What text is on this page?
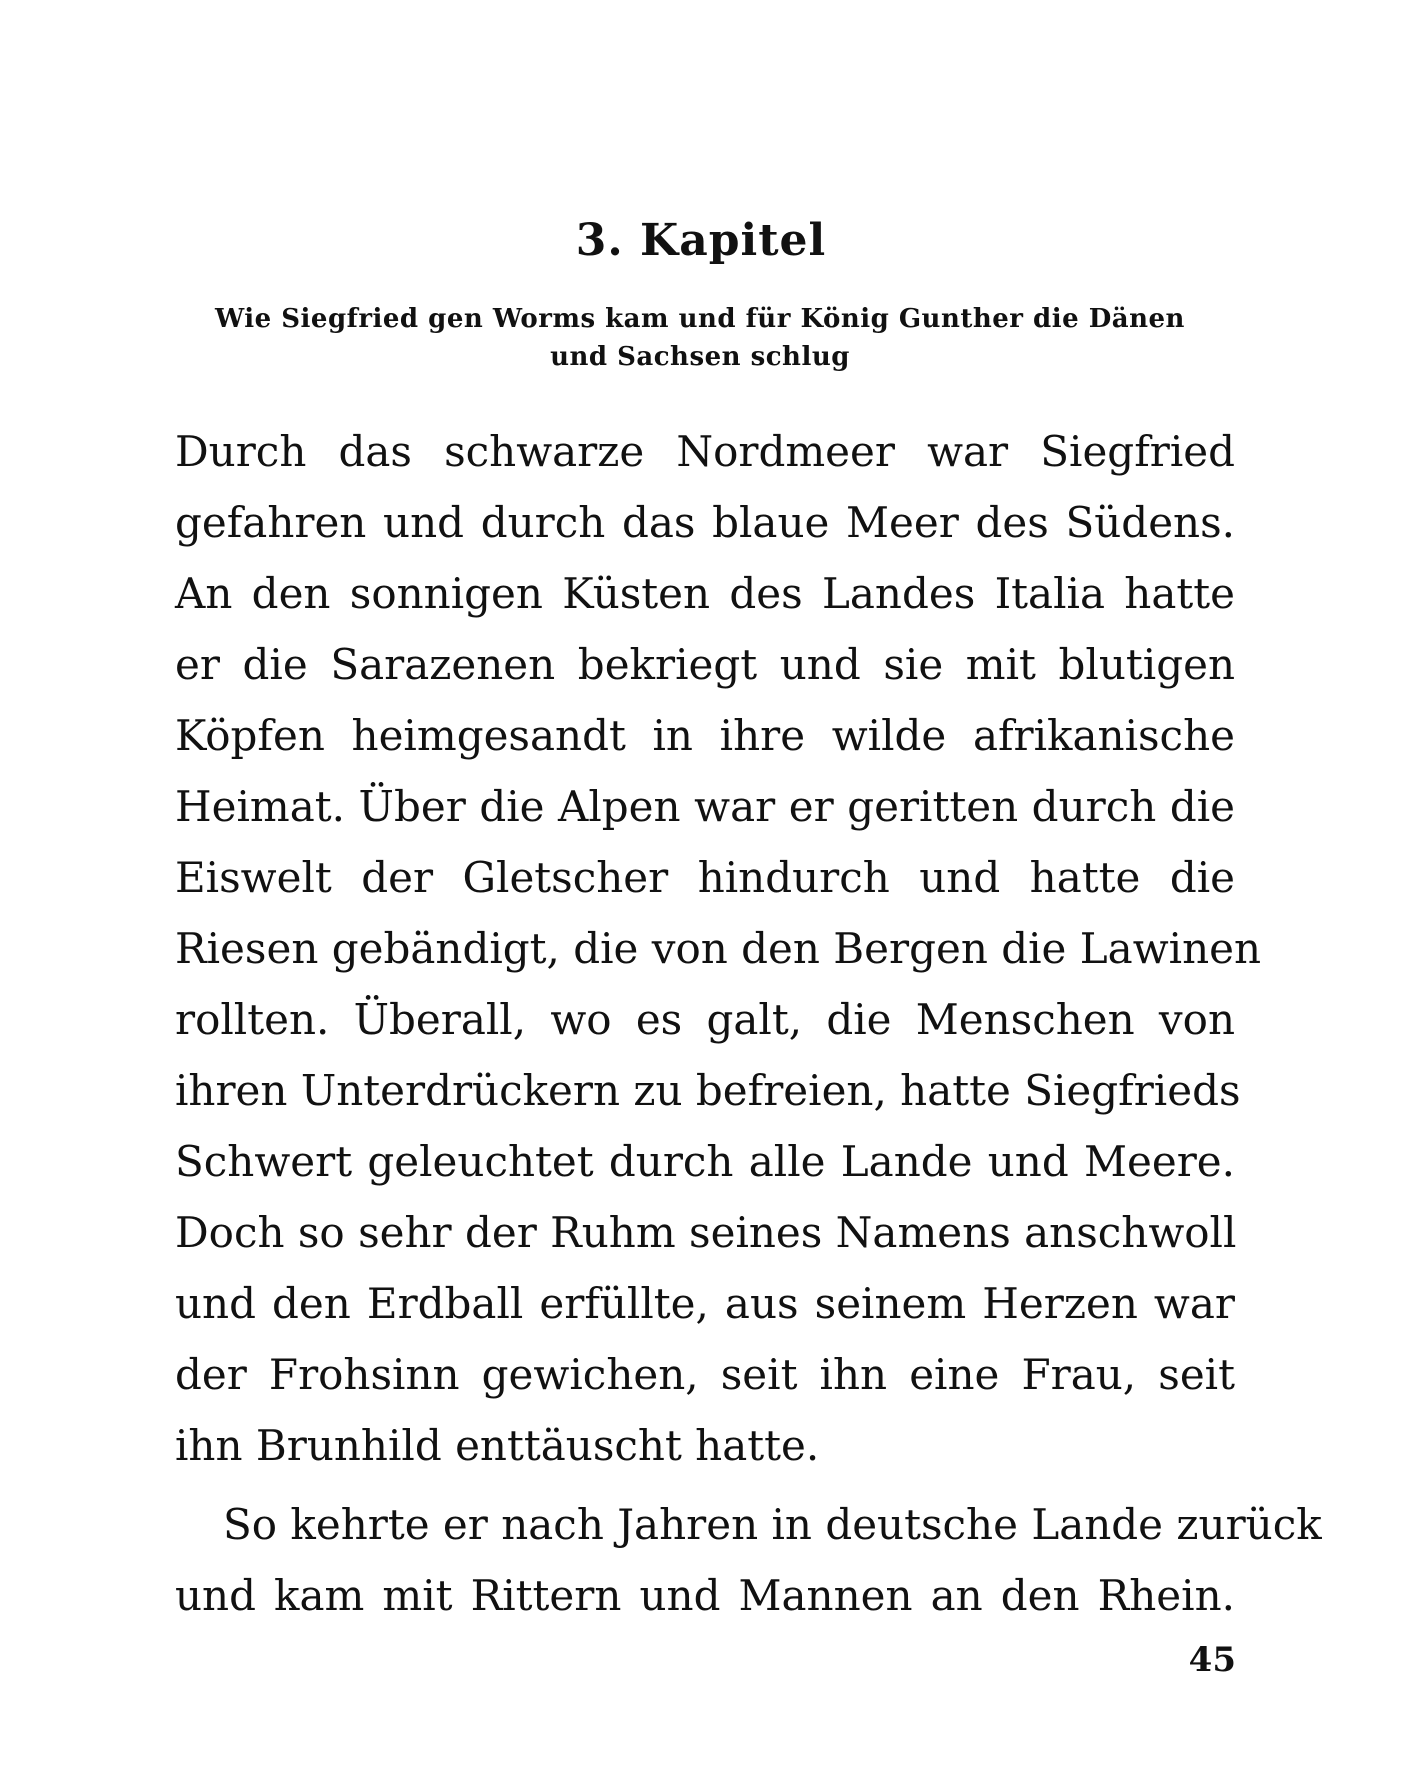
3. Kapitel
Wie Siegfried gen Worms kam und für König Gunther die Dänen
und Sachsen schlug
Durch das schwarze Nordmeer war Siegfried
gefahren und durch das blaue Meer des Südens.
An den sonnigen Küsten des Landes Italia hatte
er die Sarazenen bekriegt und sie mit blutigen
Köpfen heimgesandt in ihre wilde afrikanische
Heimat. Über die Alpen war er geritten durch die
Eiswelt der Gletscher hindurch und hatte die
Riesen gebändigt, die von den Bergen die Lawinen
rollten. Überall, wo es galt, die Menschen von
ihren Unterdrückern zu befreien, hatte Siegfrieds
Schwert geleuchtet durch alle Lande und Meere.
Doch so sehr der Ruhm seines Namens anschwoll
und den Erdball erfüllte, aus seinem Herzen war
der Frohsinn gewichen, seit ihn eine Frau, seit
ihn Brunhild enttäuscht hatte.
So kehrte er nach Jahren in deutsche Lande zurück
und kam mit Rittern und Mannen an den Rhein.
45
